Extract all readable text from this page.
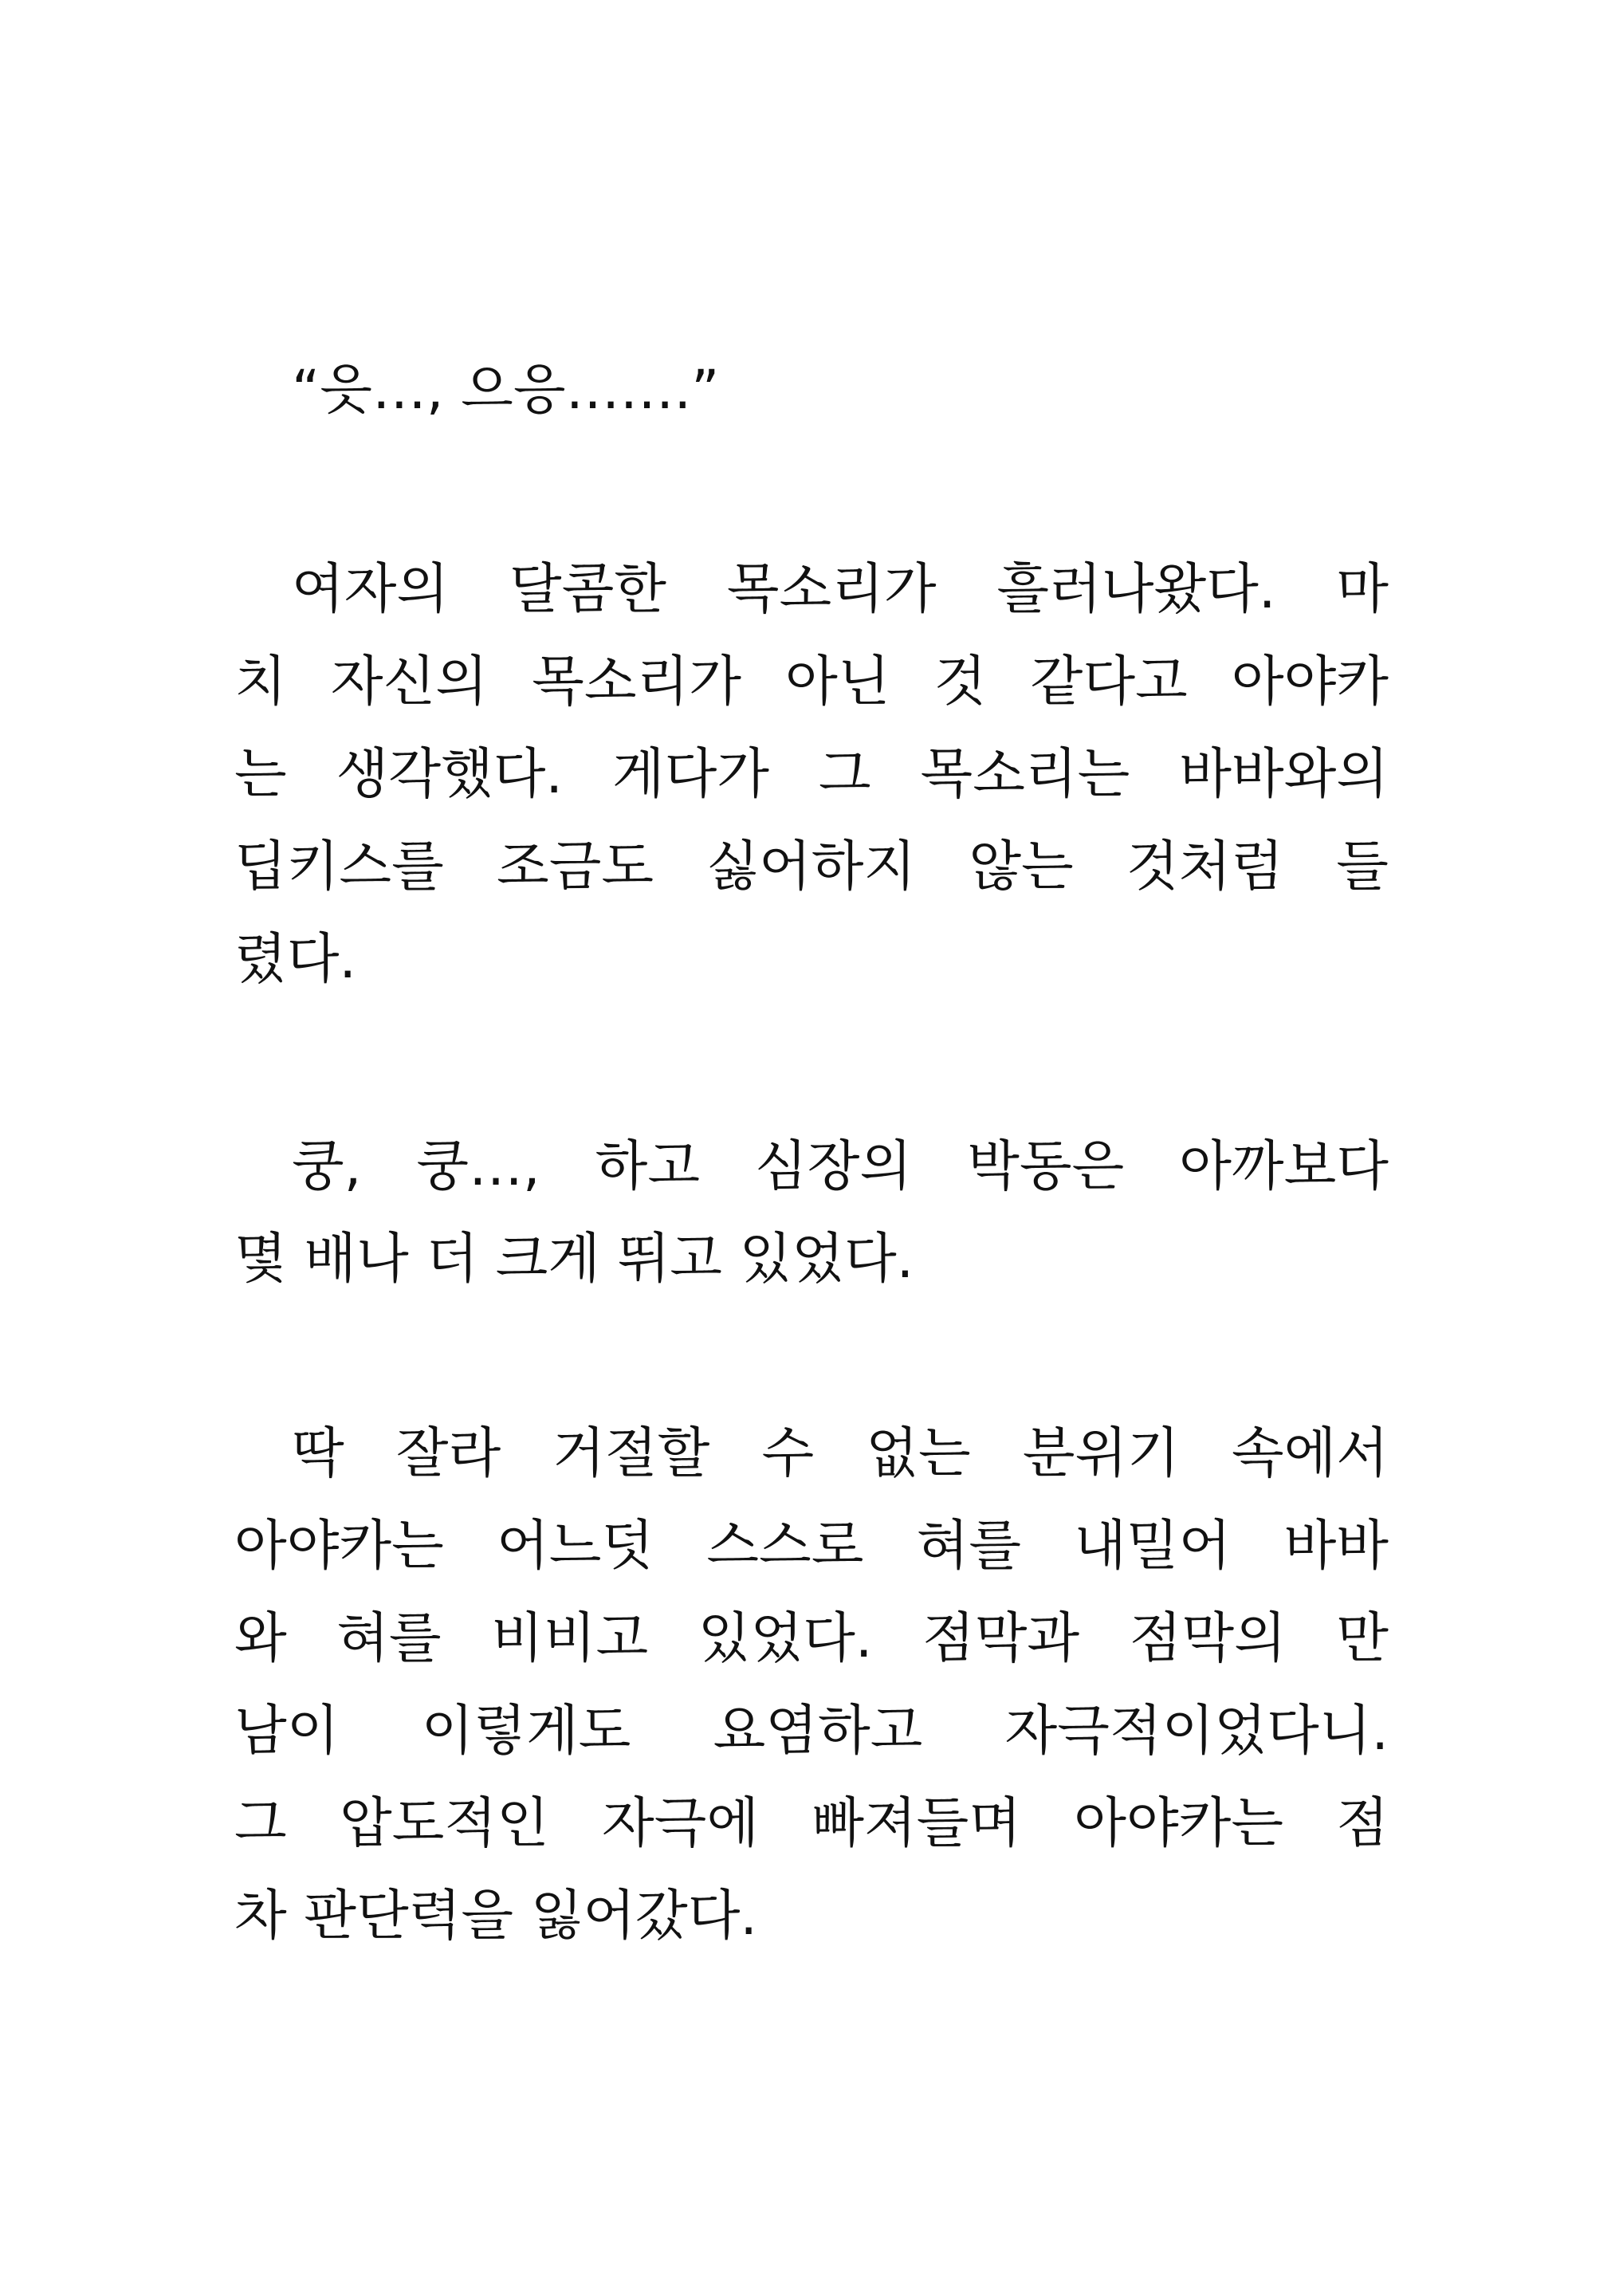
“읏…, 으응…….”
여자의 달콤한 목소리가 흘러나왔다. 마
치 자신의 목소리가 아닌 것 같다고 아야카
는 생각했다. 게다가 그 목소리는 바바와의
딥키스를 조금도 싫어하지 않는 것처럼 들
렸다.
쿵, 쿵…, 하고 심장의 박동은 아까보다
몇 배나 더 크게 뛰고 있었다.
딱 잘라 거절할 수 없는 분위기 속에서
아야카는 어느덧 스스로 혀를 내밀어 바바
와 혀를 비비고 있었다. 점막과 점막의 만
남이 이렇게도 요염하고 자극적이었다니.
그 압도적인 자극에 빠져들며 아야카는 점
차 판단력을 잃어갔다.
